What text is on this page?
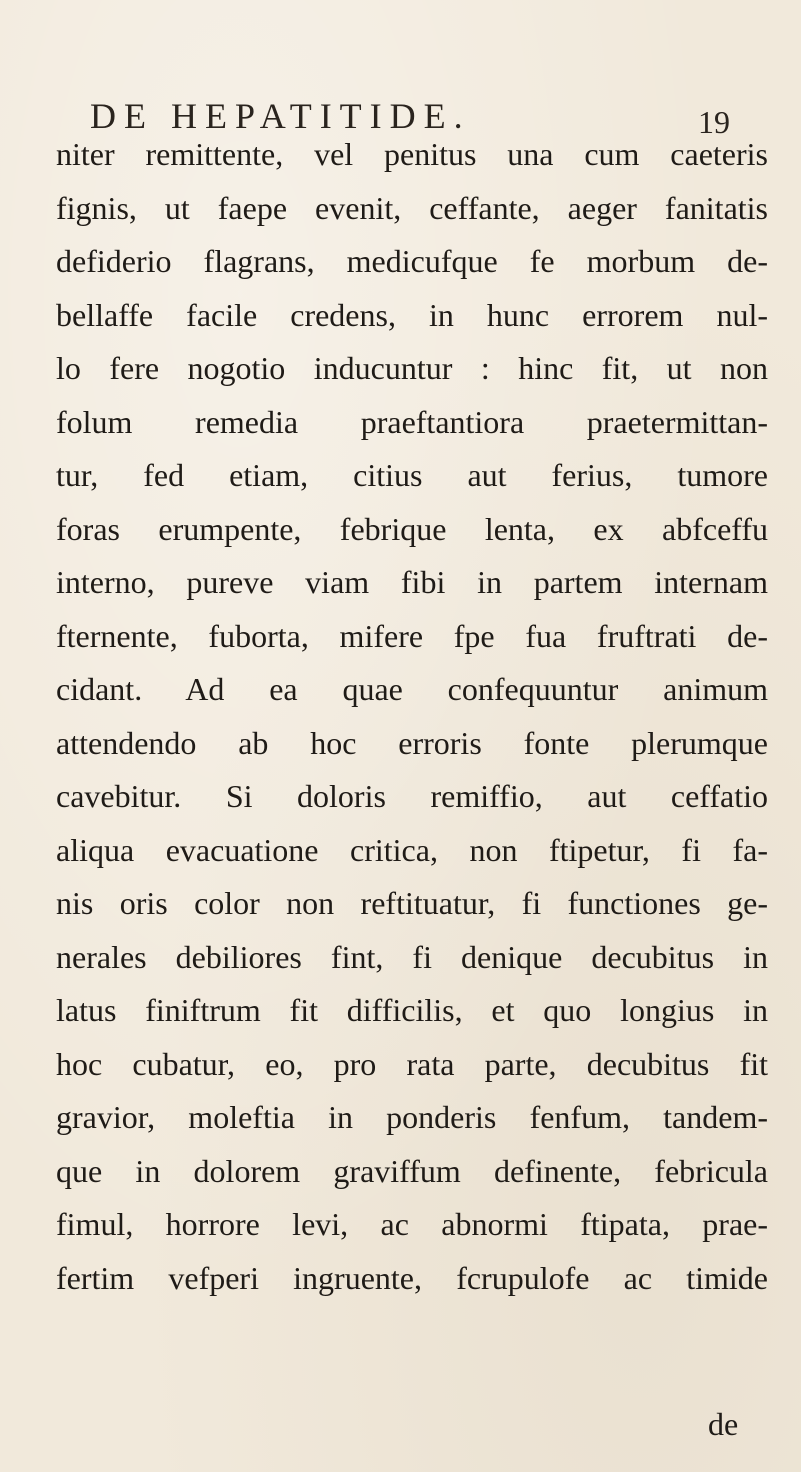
DE HEPATITIDE.	19
niter remittente, vel penitus una cum caeteris
fignis, ut faepe evenit, ceffante, aeger fanitatis
defiderio flagrans, medicufque fe morbum de-
bellaffe facile credens, in hunc errorem nul-
lo fere nogotio inducuntur : hinc fit, ut non
folum remedia praeftantiora praetermittan-
tur, fed etiam, citius aut ferius, tumore
foras erumpente, febrique lenta, ex abfceffu
interno, pureve viam fibi in partem internam
fternente, fuborta, mifere fpe fua fruftrati de-
cidant. Ad ea quae confequuntur animum
attendendo ab hoc erroris fonte plerumque
cavebitur. Si doloris remiffio, aut ceffatio
aliqua evacuatione critica, non ftipetur, fi fa-
nis oris color non reftituatur, fi functiones ge-
nerales debiliores fint, fi denique decubitus in
latus finiftrum fit difficilis, et quo longius in
hoc cubatur, eo, pro rata parte, decubitus fit
gravior, moleftia in ponderis fenfum, tandem-
que in dolorem graviffum definente, febricula
fimul, horrore levi, ac abnormi ftipata, prae-
fertim vefperi ingruente, fcrupulofe ac timide
de
